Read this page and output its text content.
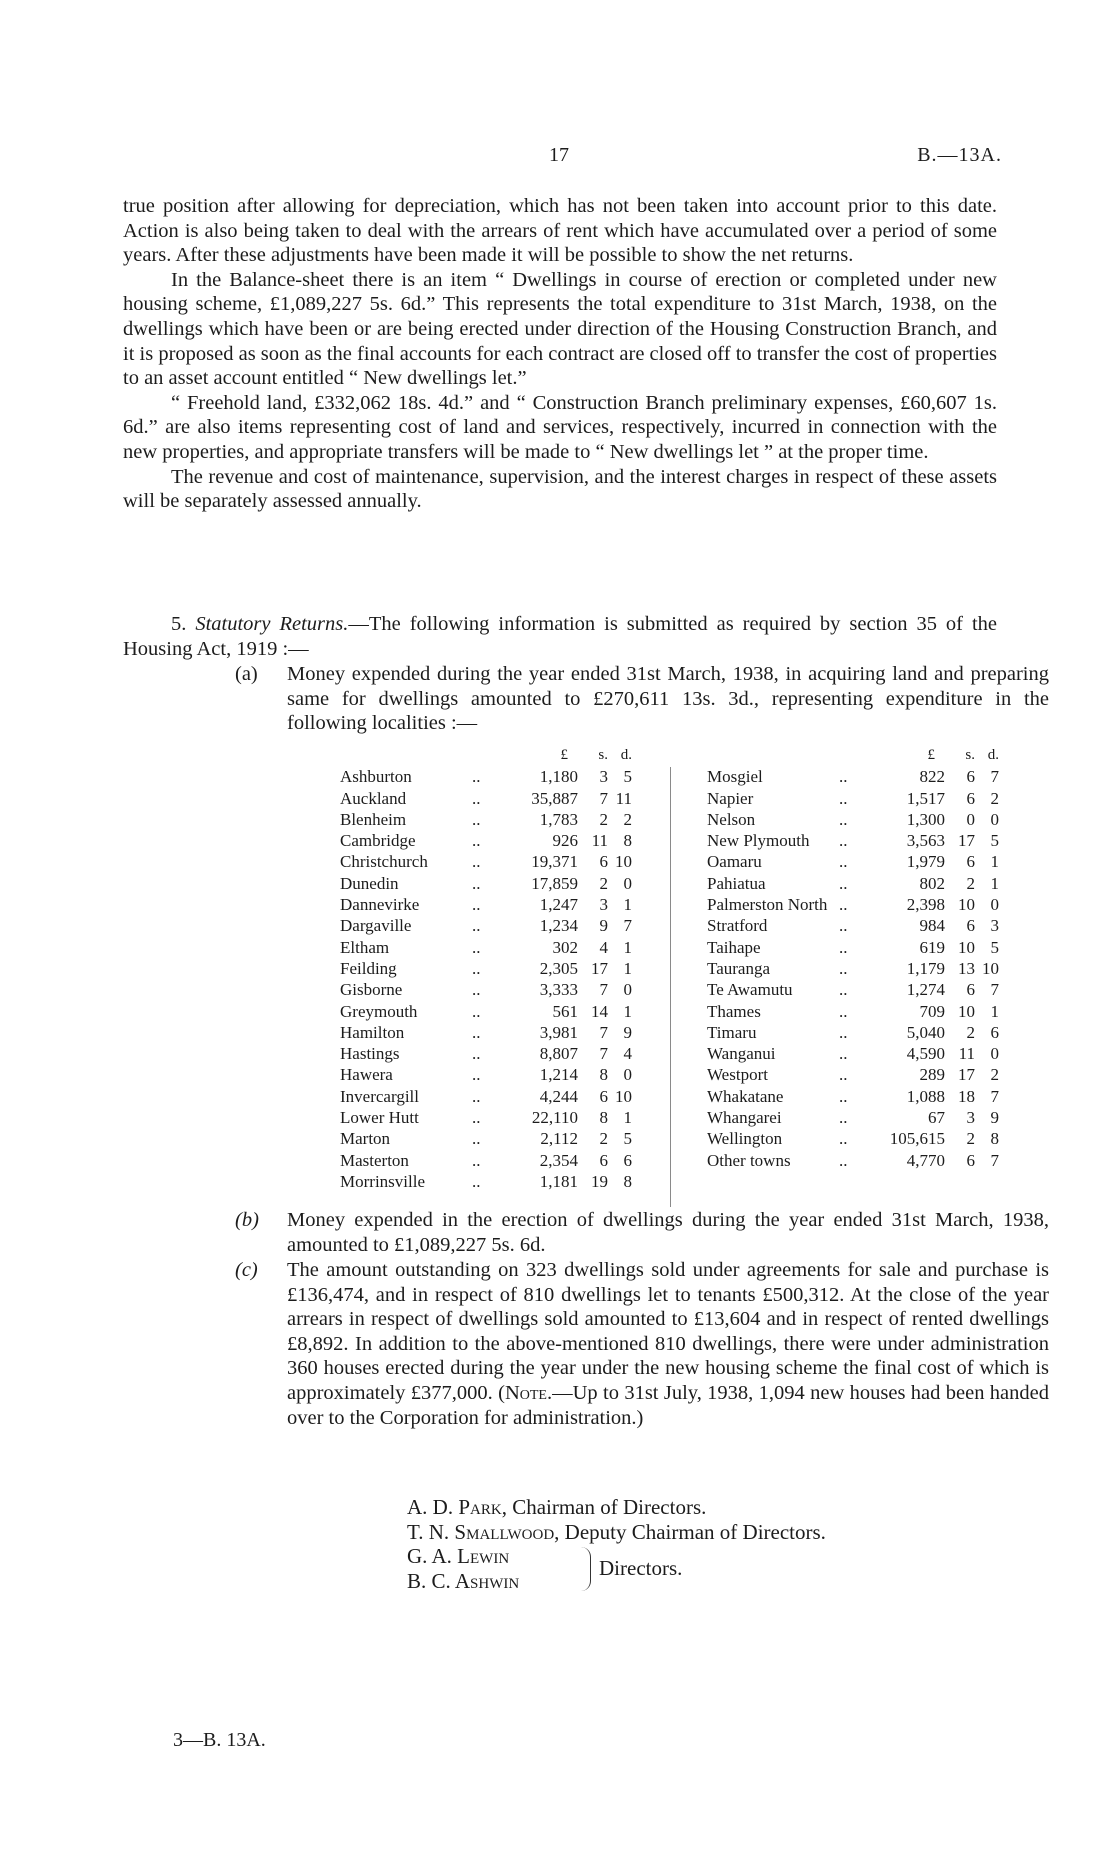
17	B.—13A.

true position after allowing for depreciation, which has not been taken into account prior to this date. Action is also being taken to deal with the arrears of rent which have accumulated over a period of some years. After these adjustments have been made it will be possible to show the net returns.

In the Balance-sheet there is an item “ Dwellings in course of erection or completed under new housing scheme, £1,089,227 5s. 6d.” This represents the total expenditure to 31st March, 1938, on the dwellings which have been or are being erected under direction of the Housing Construction Branch, and it is proposed as soon as the final accounts for each contract are closed off to transfer the cost of properties to an asset account entitled “ New dwellings let.”

“ Freehold land, £332,062 18s. 4d.” and “ Construction Branch preliminary expenses, £60,607 1s. 6d.” are also items representing cost of land and services, respectively, incurred in connection with the new properties, and appropriate transfers will be made to “ New dwellings let ” at the proper time.

The revenue and cost of maintenance, supervision, and the interest charges in respect of these assets will be separately assessed annually.

5. Statutory Returns.—The following information is submitted as required by section 35 of the Housing Act, 1919 :—
(a) Money expended during the year ended 31st March, 1938, in acquiring land and preparing same for dwellings amounted to £270,611 13s. 3d., representing expenditure in the following localities :—
		£	s.	d.
Ashburton	..	1,180	3	5
Auckland	..	35,887	7	11
Blenheim	..	1,783	2	2
Cambridge	..	926	11	8
Christchurch	..	19,371	6	10
Dunedin	..	17,859	2	0
Dannevirke	..	1,247	3	1
Dargaville	..	1,234	9	7
Eltham	..	302	4	1
Feilding	..	2,305	17	1
Gisborne	..	3,333	7	0
Greymouth	..	561	14	1
Hamilton	..	3,981	7	9
Hastings	..	8,807	7	4
Hawera	..	1,214	8	0
Invercargill	..	4,244	6	10
Lower Hutt	..	22,110	8	1
Marton	..	2,112	2	5
Masterton	..	2,354	6	6
Morrinsville	..	1,181	19	8
		£	s.	d.
Mosgiel	..	822	6	7
Napier	..	1,517	6	2
Nelson	..	1,300	0	0
New Plymouth	..	3,563	17	5
Oamaru	..	1,979	6	1
Pahiatua	..	802	2	1
Palmerston North	..	2,398	10	0
Stratford	..	984	6	3
Taihape	..	619	10	5
Tauranga	..	1,179	13	10
Te Awamutu	..	1,274	6	7
Thames	..	709	10	1
Timaru	..	5,040	2	6
Wanganui	..	4,590	11	0
Westport	..	289	17	2
Whakatane	..	1,088	18	7
Whangarei	..	67	3	9
Wellington	..	105,615	2	8
Other towns	..	4,770	6	7
(b) Money expended in the erection of dwellings during the year ended 31st March, 1938, amounted to £1,089,227 5s. 6d.
(c) The amount outstanding on 323 dwellings sold under agreements for sale and purchase is £136,474, and in respect of 810 dwellings let to tenants £500,312. At the close of the year arrears in respect of dwellings sold amounted to £13,604 and in respect of rented dwellings £8,892. In addition to the above-mentioned 810 dwellings, there were under administration 360 houses erected during the year under the new housing scheme the final cost of which is approximately £377,000. (Note.—Up to 31st July, 1938, 1,094 new houses had been handed over to the Corporation for administration.)
A. D. Park, Chairman of Directors.
T. N. Smallwood, Deputy Chairman of Directors.
G. A. Lewin
B. C. Ashwin
Directors.
3—B. 13A.
